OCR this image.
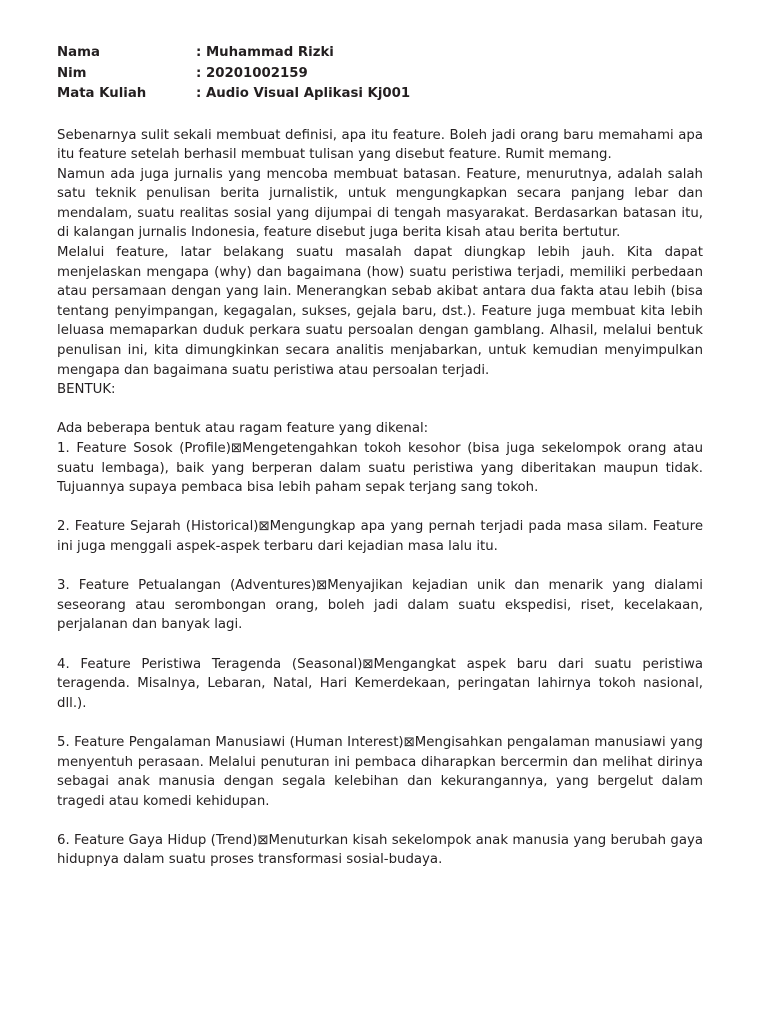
Nama	: Muhammad Rizki
Nim	: 20201002159
Mata Kuliah	: Audio Visual Aplikasi Kj001

Sebenarnya sulit sekali membuat definisi, apa itu feature. Boleh jadi orang baru memahami apa itu feature setelah berhasil membuat tulisan yang disebut feature. Rumit memang.

Namun ada juga jurnalis yang mencoba membuat batasan. Feature, menurutnya, adalah salah satu teknik penulisan berita jurnalistik, untuk mengungkapkan secara panjang lebar dan mendalam, suatu realitas sosial yang dijumpai di tengah masyarakat. Berdasarkan batasan itu, di kalangan jurnalis Indonesia, feature disebut juga berita kisah atau berita bertutur.

Melalui feature, latar belakang suatu masalah dapat diungkap lebih jauh. Kita dapat menjelaskan mengapa (why) dan bagaimana (how) suatu peristiwa terjadi, memiliki perbedaan atau persamaan dengan yang lain. Menerangkan sebab akibat antara dua fakta atau lebih (bisa tentang penyimpangan, kegagalan, sukses, gejala baru, dst.). Feature juga membuat kita lebih leluasa memaparkan duduk perkara suatu persoalan dengan gamblang. Alhasil, melalui bentuk penulisan ini, kita dimungkinkan secara analitis menjabarkan, untuk kemudian menyimpulkan mengapa dan bagaimana suatu peristiwa atau persoalan terjadi.

BENTUK:

Ada beberapa bentuk atau ragam feature yang dikenal:

1. Feature Sosok (Profile)⊠Mengetengahkan tokoh kesohor (bisa juga sekelompok orang atau suatu lembaga), baik yang berperan dalam suatu peristiwa yang diberitakan maupun tidak. Tujuannya supaya pembaca bisa lebih paham sepak terjang sang tokoh.

2. Feature Sejarah (Historical)⊠Mengungkap apa yang pernah terjadi pada masa silam. Feature ini juga menggali aspek-aspek terbaru dari kejadian masa lalu itu.

3. Feature Petualangan (Adventures)⊠Menyajikan kejadian unik dan menarik yang dialami seseorang atau serombongan orang, boleh jadi dalam suatu ekspedisi, riset, kecelakaan, perjalanan dan banyak lagi.

4. Feature Peristiwa Teragenda (Seasonal)⊠Mengangkat aspek baru dari suatu peristiwa teragenda. Misalnya, Lebaran, Natal, Hari Kemerdekaan, peringatan lahirnya tokoh nasional, dll.).

5. Feature Pengalaman Manusiawi (Human Interest)⊠Mengisahkan pengalaman manusiawi yang menyentuh perasaan. Melalui penuturan ini pembaca diharapkan bercermin dan melihat dirinya sebagai anak manusia dengan segala kelebihan dan kekurangannya, yang bergelut dalam tragedi atau komedi kehidupan.

6. Feature Gaya Hidup (Trend)⊠Menuturkan kisah sekelompok anak manusia yang berubah gaya hidupnya dalam suatu proses transformasi sosial-budaya.
